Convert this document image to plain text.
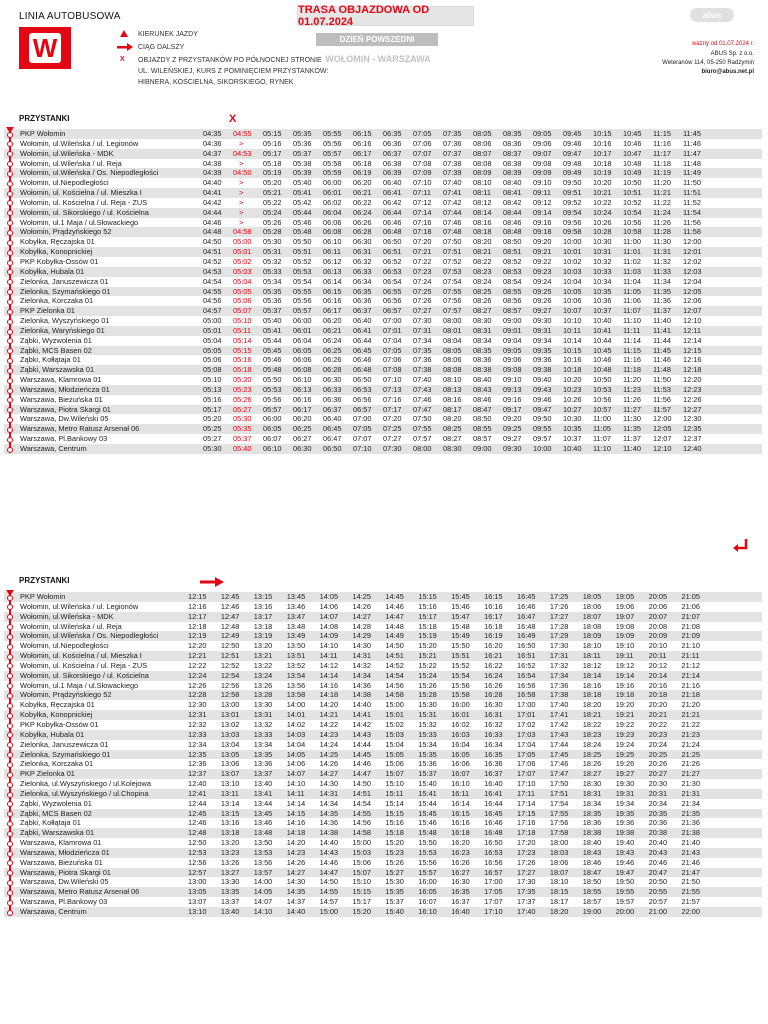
LINIA AUTOBUSOWA
W	KIERUNEK JAZDY
CIĄG DALSZY
X OBJAZDY Z PRZYSTANKÓW PO PÓŁNOCNEJ STRONIE
UL. WILEŃSKIEJ, KURS Z POMINIĘCIEM PRZYSTANKÓW:
HIBNERA, KOŚCIELNA, SIKORSKIEGO, RYNEK
TRASA OBJAZDOWA OD 01.07.2024
DZIEŃ POWSZEDNI
WOŁOMIN - WARSZAWA
abus
ważny od 01.07.2024 r.
ABUS Sp. z o.o.
Weteranów 114, 05-250 Radzymin
biuro@abus.net.pl
PRZYSTANKI	X
PKP Wołomin	04:35	04:55	05:15	05:35	05:55	06:15	06:35	07:05	07:35	08:05	08:35	09:05	09:45	10:15	10:45	11:15	11:45
Wołomin, ul.Wileńska / ul. Legionów	04:36	>	05:16	05:36	05:56	06:16	06:36	07:06	07:36	08:06	08:36	09:06	09:46	10:16	10:46	11:16	11:46
Wołomin, ul.Wileńska - MDK	04:37	04:53	05:17	05:37	05:57	06:17	06:37	07:07	07:37	08:07	08:37	09:07	09:47	10:17	10:47	11:17	11:47
Wołomin, ul.Wileńska / ul. Reja	04:38	>	05:18	05:38	05:58	06:18	06:38	07:08	07:38	08:08	08:38	09:08	09:48	10:18	10:48	11:18	11:48
Wołomin, ul.Wileńska / Os. Niepodległości	04:39	04:50	05:19	05:39	05:59	06:19	06:39	07:09	07:39	08:09	08:39	09:09	09:49	10:19	10:49	11:19	11:49
Wołomin, ul.Niepodległości	04:40	>	05:20	05:40	06:00	06:20	06:40	07:10	07:40	08:10	08:40	09:10	09:50	10:20	10:50	11:20	11:50
Wołomin, ul. Kościelna / ul. Mieszka I	04:41	>	05:21	05:41	06:01	06:21	06:41	07:11	07:41	08:11	08:41	09:11	09:51	10:21	10:51	11:21	11:51
Wołomin, ul. Kościelna / ul. Reja - ZUS	04:42	>	05:22	05:42	06:02	06:22	06:42	07:12	07:42	08:12	08:42	09:12	09:52	10:22	10:52	11:22	11:52
Wołomin, ul. Sikorskiego / ul. Kościelna	04:44	>	05:24	05:44	06:04	06:24	06:44	07:14	07:44	08:14	08:44	09:14	09:54	10:24	10:54	11:24	11:54
Wołomin, ul.1 Maja / ul.Słowackiego	04:46	>	05:26	05:46	06:06	06:26	06:46	07:16	07:46	08:16	08:46	09:16	09:56	10:26	10:56	11:26	11:56
Wołomin, Prądzyńskiego 52	04:48	04:58	05:28	05:48	06:08	06:28	06:48	07:18	07:48	08:18	08:48	09:18	09:58	10:28	10:58	11:28	11:58
Kobyłka, Ręczajska 01	04:50	05:00	05:30	05:50	06:10	06:30	06:50	07:20	07:50	08:20	08:50	09:20	10:00	10:30	11:00	11:30	12:00
Kobyłka, Konopnickiej	04:51	05:01	05:31	05:51	06:11	06:31	06:51	07:21	07:51	08:21	08:51	09:21	10:01	10:31	11:01	11:31	12:01
PKP Kobyłka-Ossów 01	04:52	05:02	05:32	05:52	06:12	06:32	06:52	07:22	07:52	08:22	08:52	09:22	10:02	10:32	11:02	11:32	12:02
Kobyłka, Hubala 01	04:53	05:03	05:33	05:53	06:13	06:33	06:53	07:23	07:53	08:23	08:53	09:23	10:03	10:33	11:03	11:33	12:03
Zielonka, Januszewicza 01	04:54	05:04	05:34	05:54	06:14	06:34	06:54	07:24	07:54	08:24	08:54	09:24	10:04	10:34	11:04	11:34	12:04
Zielonka, Szymańskiego 01	04:55	05:05	05:35	05:55	06:15	06:35	06:55	07:25	07:55	08:25	08:55	09:25	10:05	10:35	11:05	11:35	12:05
Zielonka, Korczaka 01	04:56	05:06	05:36	05:56	06:16	06:36	06:56	07:26	07:56	08:26	08:56	09:26	10:06	10:36	11:06	11:36	12:06
PKP Zielonka 01	04:57	05:07	05:37	05:57	06:17	06:37	06:57	07:27	07:57	08:27	08:57	09:27	10:07	10:37	11:07	11:37	12:07
Zielonka, Wyszyńskiego 01	05:00	05:10	05:40	06:00	06:20	06:40	07:00	07:30	08:00	08:30	09:00	09:30	10:10	10:40	11:10	11:40	12:10
Zielonka, Waryńskiego 01	05:01	05:11	05:41	06:01	06:21	06:41	07:01	07:31	08:01	08:31	09:01	09:31	10:11	10:41	11:11	11:41	12:11
Ząbki, Wyzwolenia 01	05:04	05:14	05:44	06:04	06:24	06:44	07:04	07:34	08:04	08:34	09:04	09:34	10:14	10:44	11:14	11:44	12:14
Ząbki, MCS Basen 02	05:05	05:15	05:45	06:05	06:25	06:45	07:05	07:35	08:05	08:35	09:05	09:35	10:15	10:45	11:15	11:45	12:15
Ząbki, Kołłątaja 01	05:06	05:16	05:46	06:06	06:26	06:46	07:06	07:36	08:06	08:36	09:06	09:36	10:16	10:46	11:16	11:46	12:16
Ząbki, Warszawska 01	05:08	05:18	05:48	06:08	06:28	06:48	07:08	07:38	08:08	08:38	09:08	09:38	10:18	10:48	11:18	11:48	12:18
Warszawa, Klamrowa 01	05:10	05:20	05:50	06:10	06:30	06:50	07:10	07:40	08:10	08:40	09:10	09:40	10:20	10:50	11:20	11:50	12:20
Warszawa, Młodzieńcza 01	05:13	05:23	05:53	06:13	06:33	06:53	07:13	07:43	08:13	08:43	09:13	09:43	10:23	10:53	11:23	11:53	12:23
Warszawa, Bieżuńska 01	05:16	05:26	05:56	06:16	06:36	06:56	07:16	07:46	08:16	08:46	09:16	09:46	10:26	10:56	11:26	11:56	12:26
Warszawa, Piotra Skargi 01	05:17	05:27	05:57	06:17	06:37	06:57	07:17	07:47	08:17	08:47	09:17	09:47	10:27	10:57	11:27	11:57	12:27
Warszawa, Dw.Wileński 05	05:20	05:30	06:00	06:20	06:40	07:00	07:20	07:50	08:20	08:50	09:20	09:50	10:30	11:00	11:30	12:00	12:30
Warszawa, Metro Ratusz Arsenał 06	05:25	05:35	06:05	06:25	06:45	07:05	07:25	07:55	08:25	08:55	09:25	09:55	10:35	11:05	11:35	12:05	12:35
Warszawa, Pl.Bankowy 03	05:27	05:37	06:07	06:27	06:47	07:07	07:27	07:57	08:27	08:57	09:27	09:57	10:37	11:07	11:37	12:07	12:37
Warszawa, Centrum	05:30	05:40	06:10	06:30	06:50	07:10	07:30	08:00	08:30	09:00	09:30	10:00	10:40	11:10	11:40	12:10	12:40
PRZYSTANKI
PKP Wołomin	12:15	12:45	13:15	13:45	14:05	14:25	14:45	15:15	15:45	16:15	16:45	17:25	18:05	19:05	20:05	21:05
Wołomin, ul.Wileńska / ul. Legionów	12:16	12:46	13:16	13:46	14:06	14:26	14:46	15:16	15:46	16:16	16:46	17:26	18:06	19:06	20:06	21:06
Wołomin, ul.Wileńska - MDK	12:17	12:47	13:17	13:47	14:07	14:27	14:47	15:17	15:47	16:17	16:47	17:27	18:07	19:07	20:07	21:07
Wołomin, ul.Wileńska / ul. Reja	12:18	12:48	13:18	13:48	14:08	14:28	14:48	15:18	15:48	16:18	16:48	17:28	18:08	19:08	20:08	21:08
Wołomin, ul.Wileńska / Os. Niepodległości	12:19	12:49	13:19	13:49	14:09	14:29	14:49	15:19	15:49	16:19	16:49	17:29	18:09	19:09	20:09	21:09
Wołomin, ul.Niepodległości	12:20	12:50	13:20	13:50	14:10	14:30	14:50	15:20	15:50	16:20	16:50	17:30	18:10	19:10	20:10	21:10
Wołomin, ul. Kościelna / ul. Mieszka I	12:21	12:51	13:21	13:51	14:11	14:31	14:51	15:21	15:51	16:21	16:51	17:31	18:11	19:11	20:11	21:11
Wołomin, ul. Kościelna / ul. Reja - ZUS	12:22	12:52	13:22	13:52	14:12	14:32	14:52	15:22	15:52	16:22	16:52	17:32	18:12	19:12	20:12	21:12
Wołomin, ul. Sikorskiego / ul. Kościelna	12:24	12:54	13:24	13:54	14:14	14:34	14:54	15:24	15:54	16:24	16:54	17:34	18:14	19:14	20:14	21:14
Wołomin, ul.1 Maja / ul.Słowackiego	12:26	12:56	13:26	13:56	14:16	14:36	14:56	15:26	15:56	16:26	16:56	17:36	18:16	19:16	20:16	21:16
Wołomin, Prądzyńskiego 52	12:28	12:58	13:28	13:58	14:18	14:38	14:58	15:28	15:58	16:28	16:58	17:38	18:18	19:18	20:18	21:18
Kobyłka, Ręczajska 01	12:30	13:00	13:30	14:00	14:20	14:40	15:00	15:30	16:00	16:30	17:00	17:40	18:20	19:20	20:20	21:20
Kobyłka, Konopnickiej	12:31	13:01	13:31	14:01	14:21	14:41	15:01	15:31	16:01	16:31	17:01	17:41	18:21	19:21	20:21	21:21
PKP Kobyłka-Ossów 01	12:32	13:02	13:32	14:02	14:22	14:42	15:02	15:32	16:02	16:32	17:02	17:42	18:22	19:22	20:22	21:22
Kobyłka, Hubala 01	12:33	13:03	13:33	14:03	14:23	14:43	15:03	15:33	16:03	16:33	17:03	17:43	18:23	19:23	20:23	21:23
Zielonka, Januszewicza 01	12:34	13:04	13:34	14:04	14:24	14:44	15:04	15:34	16:04	16:34	17:04	17:44	18:24	19:24	20:24	21:24
Zielonka, Szymańskiego 01	12:35	13:05	13:35	14:05	14:25	14:45	15:05	15:35	16:05	16:35	17:05	17:45	18:25	19:25	20:25	21:25
Zielonka, Korczaka 01	12:36	13:06	13:36	14:06	14:26	14:46	15:06	15:36	16:06	16:36	17:06	17:46	18:26	19:26	20:26	21:26
PKP Zielonka 01	12:37	13:07	13:37	14:07	14:27	14:47	15:07	15:37	16:07	16:37	17:07	17:47	18:27	19:27	20:27	21:27
Zielonka, ul.Wyszyńskiego / ul.Kolejowa	12:40	13:10	13:40	14:10	14:30	14:50	15:10	15:40	16:10	16:40	17:10	17:50	18:30	19:30	20:30	21:30
Zielonka, ul.Wyszyńskiego / ul.Chopina	12:41	13:11	13:41	14:11	14:31	14:51	15:11	15:41	16:11	16:41	17:11	17:51	18:31	19:31	20:31	21:31
Ząbki, Wyzwolenia 01	12:44	13:14	13:44	14:14	14:34	14:54	15:14	15:44	16:14	16:44	17:14	17:54	18:34	19:34	20:34	21:34
Ząbki, MCS Basen 02	12:45	13:15	13:45	14:15	14:35	14:55	15:15	15:45	16:15	16:45	17:15	17:55	18:35	19:35	20:35	21:35
Ząbki, Kołłątaja 01	12:46	13:16	13:46	14:16	14:36	14:56	15:16	15:46	16:16	16:46	17:16	17:56	18:36	19:36	20:36	21:36
Ząbki, Warszawska 01	12:48	13:18	13:48	14:18	14:38	14:58	15:18	15:48	16:18	16:48	17:18	17:58	18:38	19:38	20:38	21:38
Warszawa, Klamrowa 01	12:50	13:20	13:50	14:20	14:40	15:00	15:20	15:50	16:20	16:50	17:20	18:00	18:40	19:40	20:40	21:40
Warszawa, Młodzieńcza 01	12:53	13:23	13:53	14:23	14:43	15:03	15:23	15:53	16:23	16:53	17:23	18:03	18:43	19:43	20:43	21:43
Warszawa, Bieżuńska 01	12:56	13:26	13:56	14:26	14:46	15:06	15:26	15:56	16:26	16:56	17:26	18:06	18:46	19:46	20:46	21:46
Warszawa, Piotra Skargi 01	12:57	13:27	13:57	14:27	14:47	15:07	15:27	15:57	16:27	16:57	17:27	18:07	18:47	19:47	20:47	21:47
Warszawa, Dw.Wileński 05	13:00	13:30	14:00	14:30	14:50	15:10	15:30	16:00	16:30	17:00	17:30	18:10	18:50	19:50	20:50	21:50
Warszawa, Metro Ratusz Arsenał 06	13:05	13:35	14:05	14:35	14:55	15:15	15:35	16:05	16:35	17:05	17:35	18:15	18:55	19:55	20:55	21:55
Warszawa, Pl.Bankowy 03	13:07	13:37	14:07	14:37	14:57	15:17	15:37	16:07	16:37	17:07	17:37	18:17	18:57	19:57	20:57	21:57
Warszawa, Centrum	13:10	13:40	14:10	14:40	15:00	15:20	15:40	16:10	16:40	17:10	17:40	18:20	19:00	20:00	21:00	22:00
